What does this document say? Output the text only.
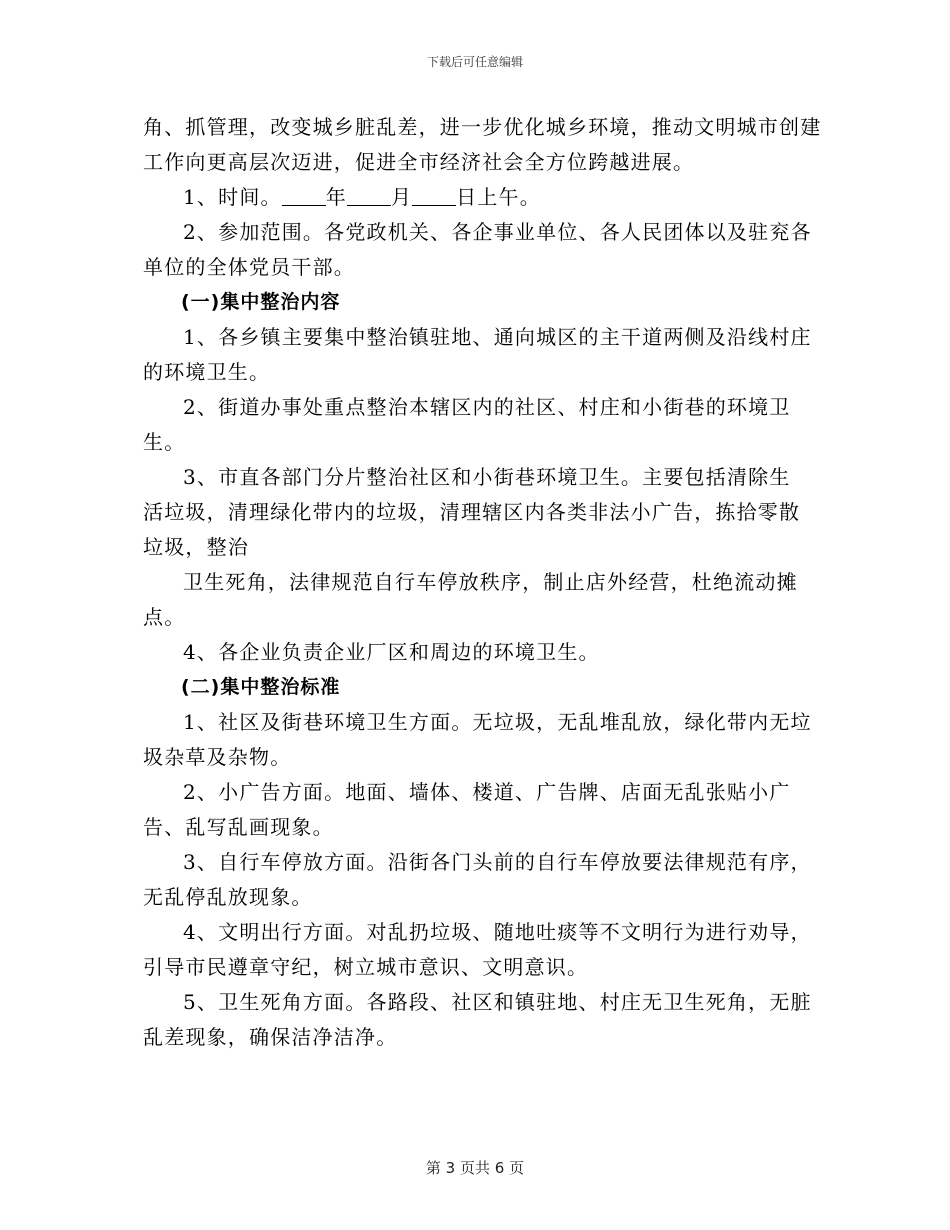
下载后可任意编辑

角、抓管理，改变城乡脏乱差，进一步优化城乡环境，推动文明城市创建工作向更高层次迈进，促进全市经济社会全方位跨越进展。

1、时间。 年 月 日上午。

2、参加范围。各党政机关、各企事业单位、各人民团体以及驻兖各单位的全体党员干部。

(一)集中整治内容

1、各乡镇主要集中整治镇驻地、通向城区的主干道两侧及沿线村庄的环境卫生。

2、街道办事处重点整治本辖区内的社区、村庄和小街巷的环境卫生。

3、市直各部门分片整治社区和小街巷环境卫生。主要包括清除生活垃圾，清理绿化带内的垃圾，清理辖区内各类非法小广告，拣拾零散垃圾，整治

卫生死角，法律规范自行车停放秩序，制止店外经营，杜绝流动摊点。

4、各企业负责企业厂区和周边的环境卫生。

(二)集中整治标准

1、社区及街巷环境卫生方面。无垃圾，无乱堆乱放，绿化带内无垃圾杂草及杂物。

2、小广告方面。地面、墙体、楼道、广告牌、店面无乱张贴小广告、乱写乱画现象。

3、自行车停放方面。沿街各门头前的自行车停放要法律规范有序，无乱停乱放现象。

4、文明出行方面。对乱扔垃圾、随地吐痰等不文明行为进行劝导，引导市民遵章守纪，树立城市意识、文明意识。

5、卫生死角方面。各路段、社区和镇驻地、村庄无卫生死角，无脏乱差现象，确保洁净洁净。

第 3 页共 6 页
